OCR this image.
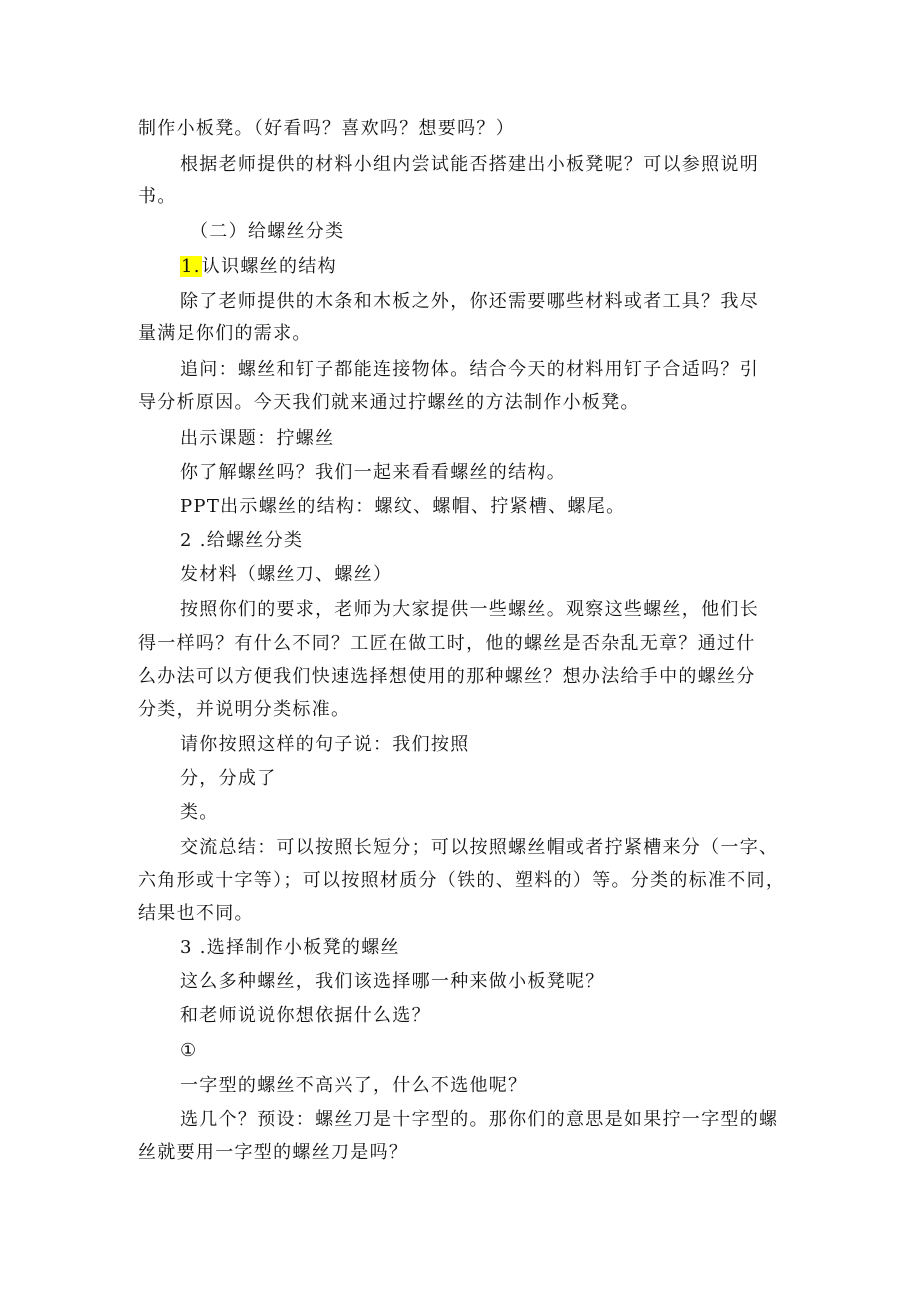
制作小板凳。（好看吗？喜欢吗？想要吗？）
根据老师提供的材料小组内尝试能否搭建出小板凳呢？可以参照说明
书。
（二）给螺丝分类
1.认识螺丝的结构
除了老师提供的木条和木板之外，你还需要哪些材料或者工具？我尽
量满足你们的需求。
追问：螺丝和钉子都能连接物体。结合今天的材料用钉子合适吗？引
导分析原因。今天我们就来通过拧螺丝的方法制作小板凳。
出示课题：拧螺丝
你了解螺丝吗？我们一起来看看螺丝的结构。
PPT出示螺丝的结构：螺纹、螺帽、拧紧槽、螺尾。
2 .给螺丝分类
发材料（螺丝刀、螺丝）
按照你们的要求，老师为大家提供一些螺丝。观察这些螺丝，他们长
得一样吗？有什么不同？工匠在做工时，他的螺丝是否杂乱无章？通过什
么办法可以方便我们快速选择想使用的那种螺丝？想办法给手中的螺丝分
分类，并说明分类标准。
请你按照这样的句子说：我们按照
分，分成了
类。
交流总结：可以按照长短分；可以按照螺丝帽或者拧紧槽来分（一字、
六角形或十字等）；可以按照材质分（铁的、塑料的）等。分类的标准不同，
结果也不同。
3 .选择制作小板凳的螺丝
这么多种螺丝，我们该选择哪一种来做小板凳呢？
和老师说说你想依据什么选？
①
一字型的螺丝不高兴了，什么不选他呢？
选几个？预设：螺丝刀是十字型的。那你们的意思是如果拧一字型的螺
丝就要用一字型的螺丝刀是吗？
